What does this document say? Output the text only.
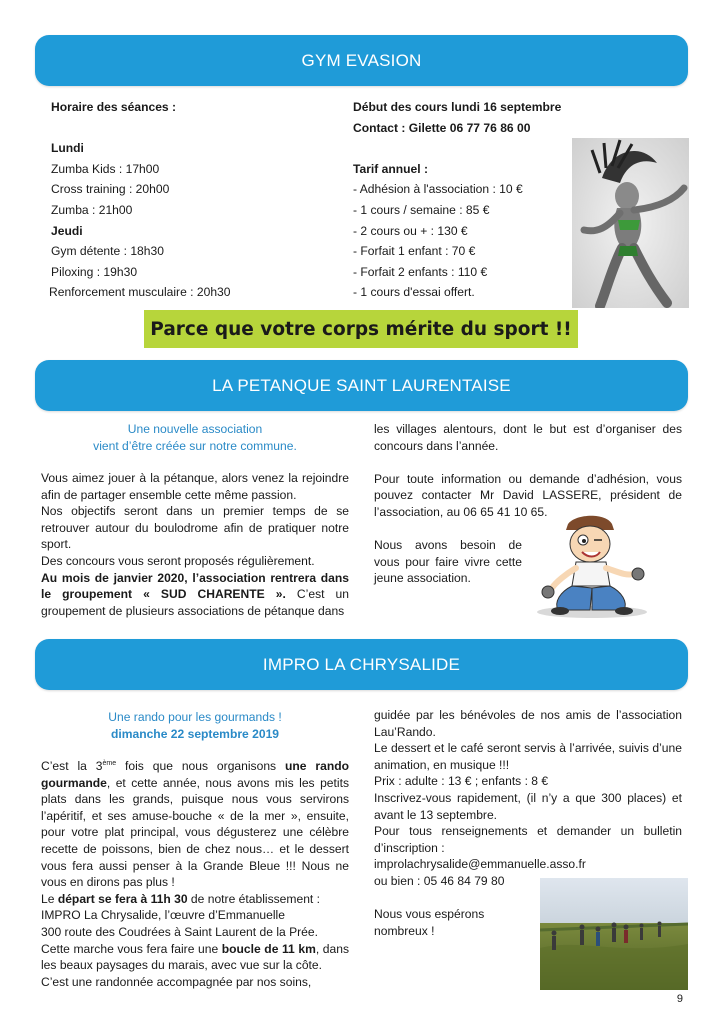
GYM EVASION
Horaire des séances :

Lundi
Zumba Kids : 17h00
Cross training : 20h00
Zumba : 21h00
Jeudi
Gym détente : 18h30
Piloxing : 19h30
Renforcement musculaire : 20h30
Début des cours lundi 16 septembre
Contact : Gilette 06 77 76 86 00

Tarif annuel :
- Adhésion à l'association : 10 €
- 1 cours / semaine : 85 €
- 2 cours ou + : 130 €
- Forfait 1 enfant : 70 €
- Forfait 2 enfants : 110 €
- 1 cours d'essai offert.
Parce que votre corps mérite du sport !!
LA PETANQUE SAINT LAURENTAISE
Une nouvelle association
vient d’être créée sur notre commune.
Vous aimez jouer à la pétanque, alors venez la rejoindre afin de partager ensemble cette même passion.
Nos objectifs seront dans un premier temps de se retrouver autour du boulodrome afin de pratiquer notre sport.
Des concours vous seront proposés régulièrement.
Au mois de janvier 2020, l’association rentrera dans le groupement « SUD CHARENTE ». C’est un groupement de plusieurs associations de pétanque dans
les villages alentours, dont le but est d’organiser des concours dans l’année.

Pour toute information ou demande d’adhésion, vous pouvez contacter Mr David LASSERE, président de l’association, au 06 65 41 10 65.

Nous avons besoin de vous pour faire vivre cette jeune association.
IMPRO LA CHRYSALIDE
Une rando pour les gourmands !
dimanche 22 septembre 2019
C’est la 3ème fois que nous organisons une rando gourmande, et cette année, nous avons mis les petits plats dans les grands, puisque nous vous servirons l’apéritif, et ses amuse-bouche « de la mer », ensuite, pour votre plat principal, vous dégusterez une célèbre recette de poissons, bien de chez nous… et le dessert vous fera aussi penser à la Grande Bleue !!! Nous ne vous en dirons pas plus !
Le départ se fera à 11h 30 de notre établissement :
IMPRO La Chrysalide, l’œuvre d’Emmanuelle
300 route des Coudrées à Saint Laurent de la Prée.
Cette marche vous fera faire une boucle de 11 km, dans les beaux paysages du marais, avec vue sur la côte.
C’est une randonnée accompagnée par nos soins,
guidée par les bénévoles de nos amis de l’association Lau’Rando.
Le dessert et le café seront servis à l’arrivée, suivis d’une animation, en musique !!!
Prix : adulte : 13 € ; enfants : 8 €
Inscrivez-vous rapidement, (il n’y a que 300 places) et avant le 13 septembre.
Pour tous renseignements et demander un bulletin d’inscription :
improlachrysalide@emmanuelle.asso.fr
ou bien : 05 46 84 79 80

Nous vous espérons nombreux !
9
